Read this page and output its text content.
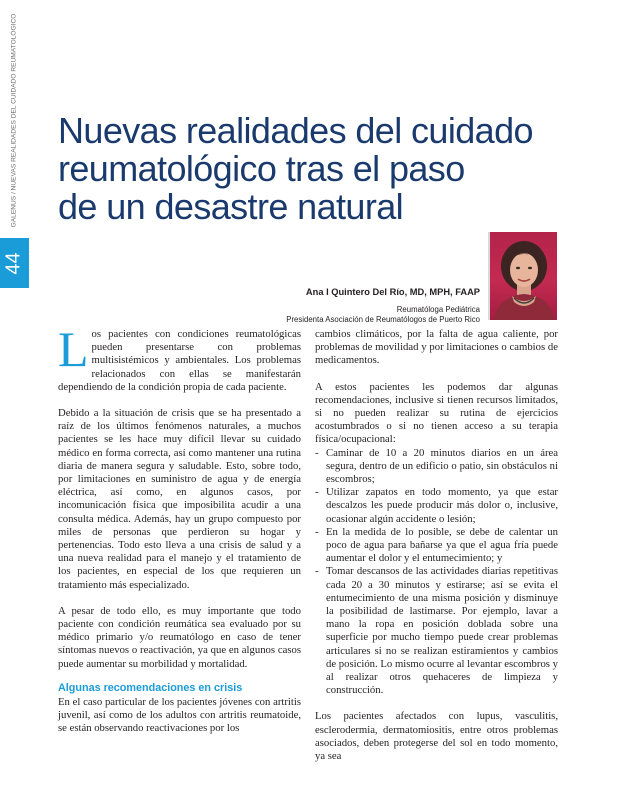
GALENUS / NUEVAS REALIDADES DEL CUIDADO REUMATOLÓGICO
44
Nuevas realidades del cuidado
reumatológico tras el paso
de un desastre natural
Ana I Quintero Del Río, MD, MPH, FAAP
Reumatóloga Pediátrica
Presidenta Asociación de Reumatólogos de Puerto Rico

Los pacientes con condiciones reumatológicas pueden presentarse con problemas multisistémicos y ambientales. Los problemas relacionados con ellas se manifestarán dependiendo de la condición propia de cada paciente.

Debido a la situación de crisis que se ha presentado a raíz de los últimos fenómenos naturales, a muchos pacientes se les hace muy difícil llevar su cuidado médico en forma correcta, así como mantener una rutina diaria de manera segura y saludable. Esto, sobre todo, por limitaciones en suministro de agua y de energía eléctrica, así como, en algunos casos, por incomunicación física que imposibilita acudir a una consulta médica. Además, hay un grupo compuesto por miles de personas que perdieron su hogar y pertenencias. Todo esto lleva a una crisis de salud y a una nueva realidad para el manejo y el tratamiento de los pacientes, en especial de los que requieren un tratamiento más especializado.

A pesar de todo ello, es muy importante que todo paciente con condición reumática sea evaluado por su médico primario y/o reumatólogo en caso de tener síntomas nuevos o reactivación, ya que en algunos casos puede aumentar su morbilidad y mortalidad.

Algunas recomendaciones en crisis

En el caso particular de los pacientes jóvenes con artritis juvenil, así como de los adultos con artritis reumatoide, se están observando reactivaciones por los

cambios climáticos, por la falta de agua caliente, por problemas de movilidad y por limitaciones o cambios de medicamentos.

A estos pacientes les podemos dar algunas recomendaciones, inclusive si tienen recursos limitados, si no pueden realizar su rutina de ejercicios acostumbrados o si no tienen acceso a su terapia física/ocupacional:

- Caminar de 10 a 20 minutos diarios en un área segura, dentro de un edificio o patio, sin obstáculos ni escombros;
- Utilizar zapatos en todo momento, ya que estar descalzos les puede producir más dolor o, inclusive, ocasionar algún accidente o lesión;
- En la medida de lo posible, se debe de calentar un poco de agua para bañarse ya que el agua fría puede aumentar el dolor y el entumecimiento; y
- Tomar descansos de las actividades diarias repetitivas cada 20 a 30 minutos y estirarse; así se evita el entumecimiento de una misma posición y disminuye la posibilidad de lastimarse. Por ejemplo, lavar a mano la ropa en posición doblada sobre una superficie por mucho tiempo puede crear problemas articulares si no se realizan estiramientos y cambios de posición. Lo mismo ocurre al levantar escombros y al realizar otros quehaceres de limpieza y construcción.

Los pacientes afectados con lupus, vasculitis, esclerodermia, dermatomiositis, entre otros problemas asociados, deben protegerse del sol en todo momento, ya sea
